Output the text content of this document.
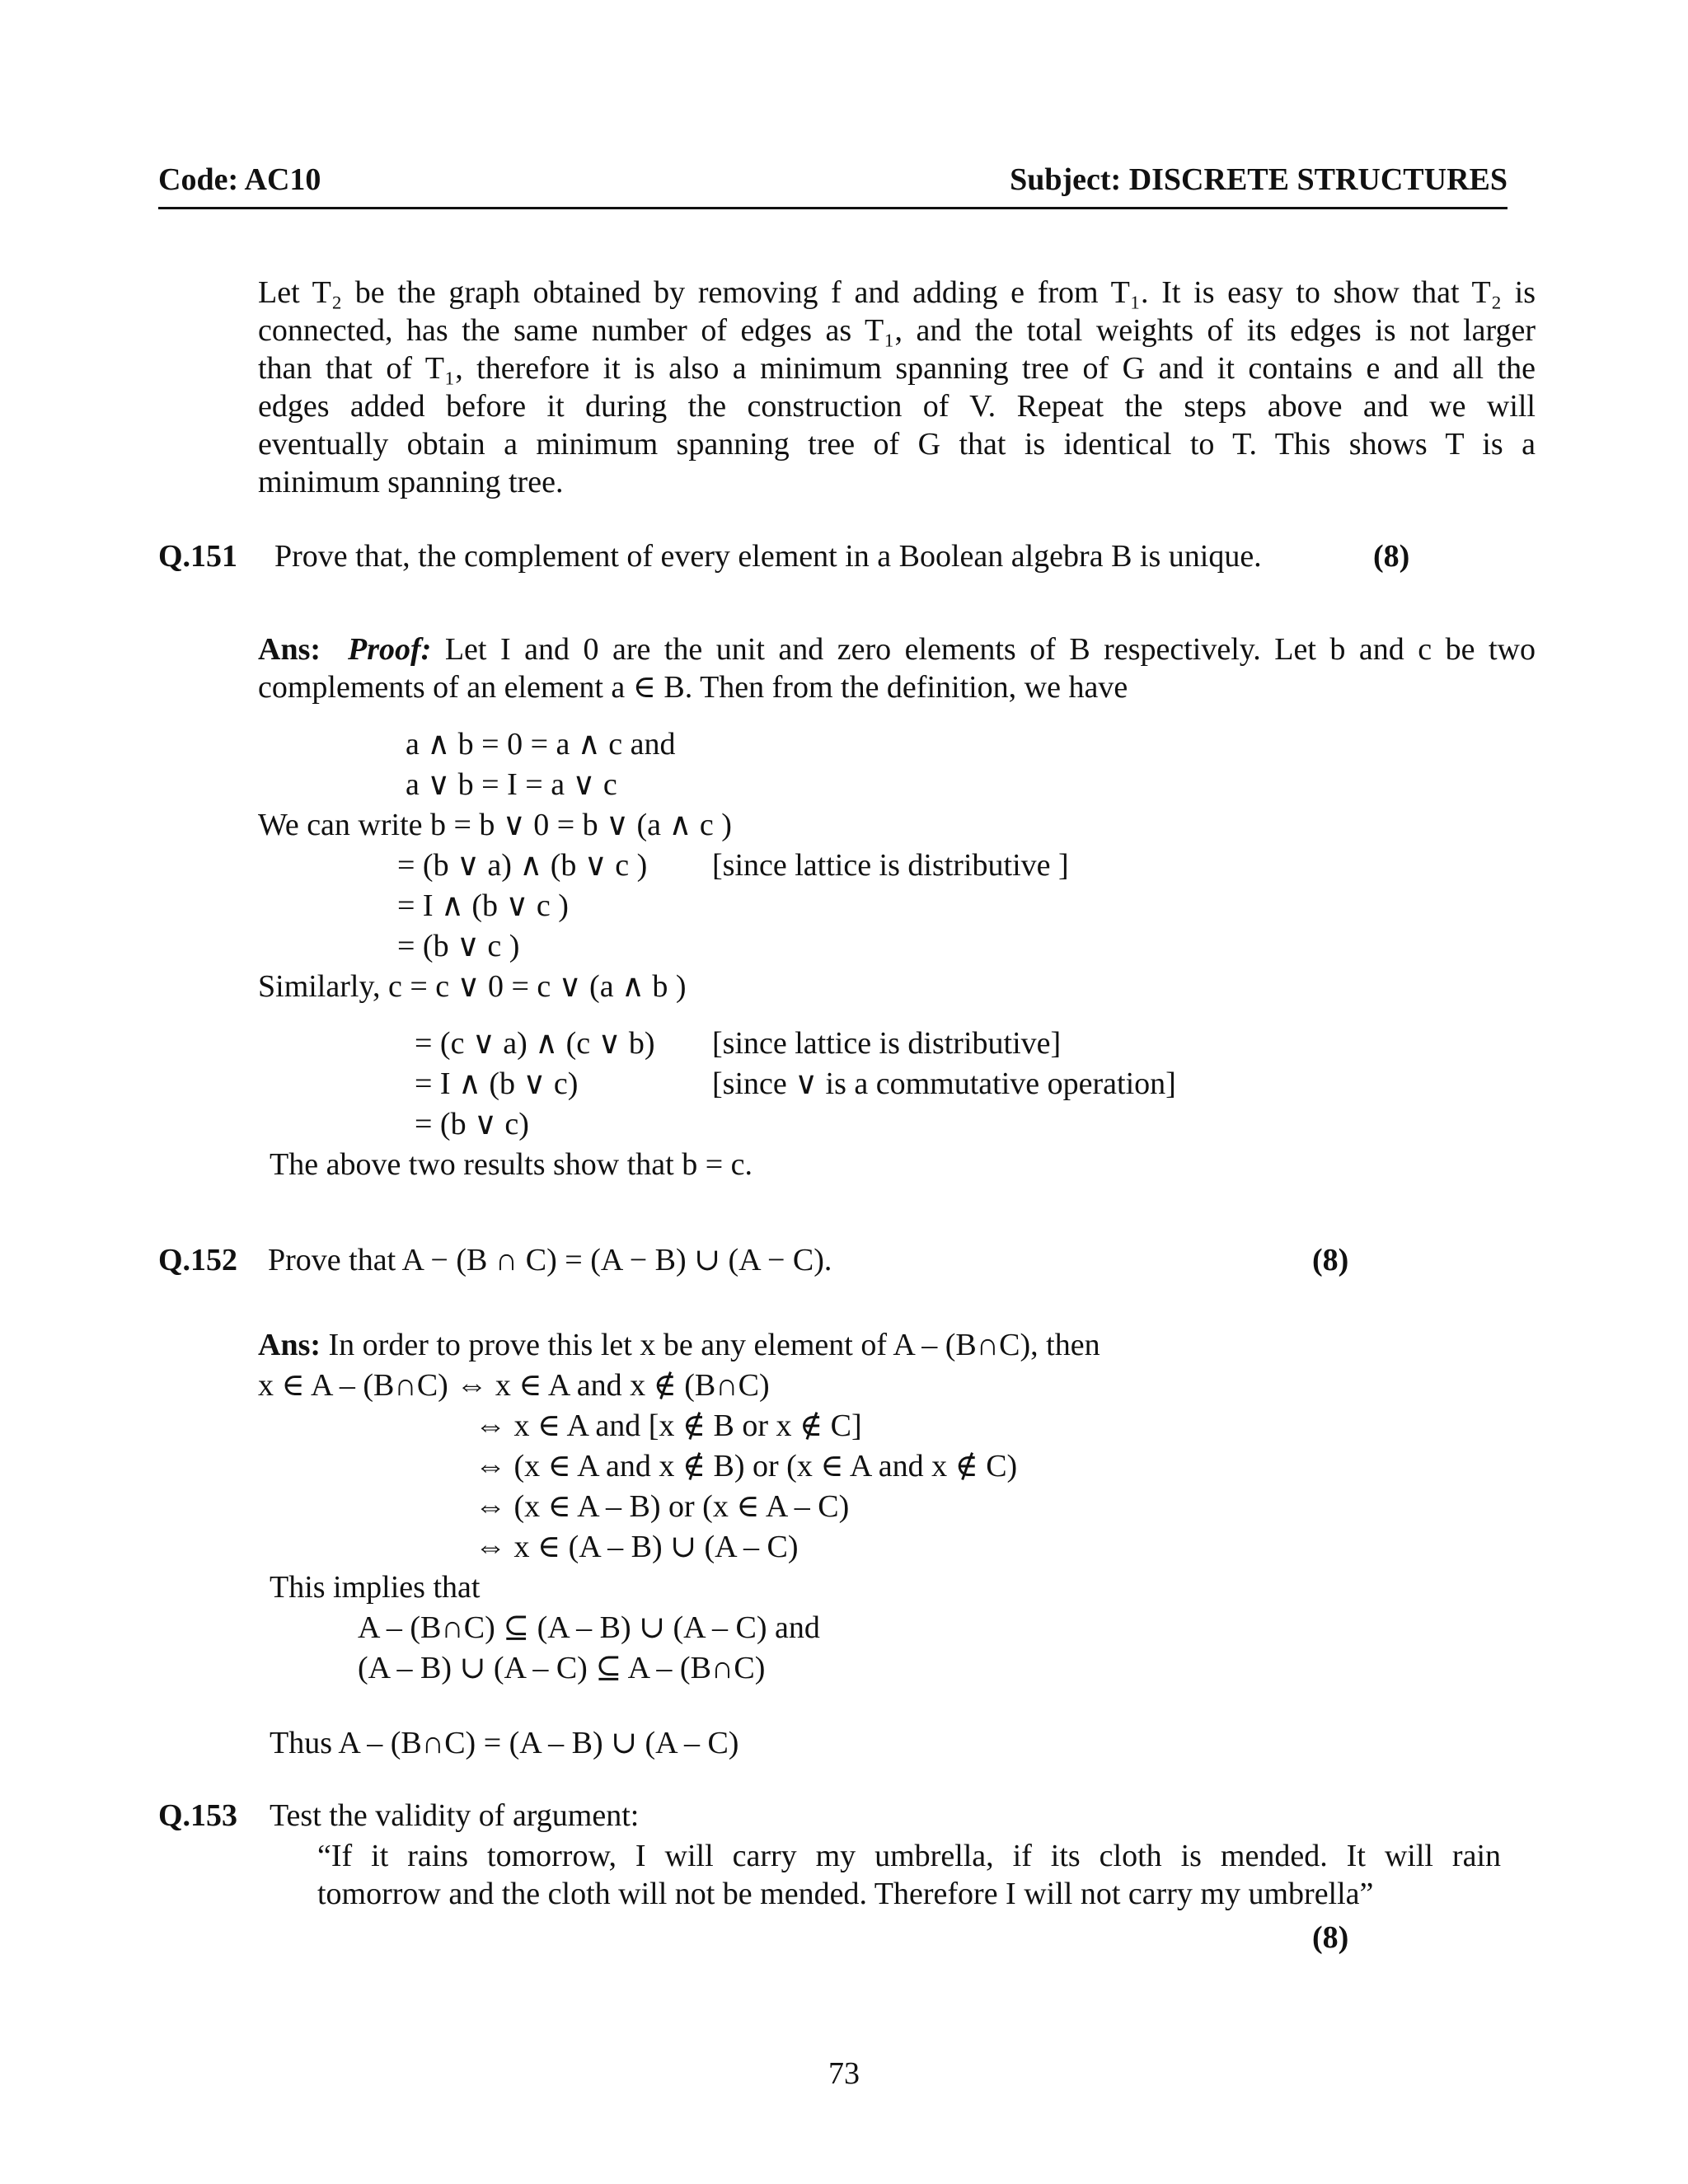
Code: AC10	Subject: DISCRETE STRUCTURES
Let T₂ be the graph obtained by removing f and adding e from T₁. It is easy to show that T₂ is
connected, has the same number of edges as T₁, and the total weights of its edges is not larger
than that of T₁, therefore it is also a minimum spanning tree of G and it contains e and all the
edges added before it during the construction of V. Repeat the steps above and we will
eventually obtain a minimum spanning tree of G that is identical to T. This shows T is a
minimum spanning tree.
Q.151 Prove that, the complement of every element in a Boolean algebra B is unique.	(8)
Ans: Proof: Let I and 0 are the unit and zero elements of B respectively. Let b and c be two
complements of an element a ∈ B. Then from the definition, we have
a ∧ b = 0 = a ∧ c and
a ∨ b = I = a ∨ c
We can write b = b ∨ 0 = b ∨ (a ∧ c )
= (b ∨ a) ∧ (b ∨ c ) [since lattice is distributive ]
= I ∧ (b ∨ c )
= (b ∨ c )
Similarly, c = c ∨ 0 = c ∨ (a ∧ b )
= (c ∨ a) ∧ (c ∨ b) [since lattice is distributive]
= I ∧ (b ∨ c)	[since ∨ is a commutative operation]
= (b ∨ c)
The above two results show that b = c.
Q.152 Prove that A − (B ∩ C) = (A − B) ∪ (A − C).	(8)
Ans: In order to prove this let x be any element of A – (B∩C), then
x ∈ A – (B∩C) ⇔ x ∈ A and x ∉ (B∩C)
⇔ x ∈ A and [x ∉ B or x ∉ C]
⇔ (x ∈ A and x ∉ B) or (x ∈ A and x ∉ C)
⇔ (x ∈ A – B) or (x ∈ A – C)
⇔ x ∈ (A – B) ∪ (A – C)
This implies that
A – (B∩C) ⊆ (A – B) ∪ (A – C) and
(A – B) ∪ (A – C) ⊆ A – (B∩C)
Thus A – (B∩C) = (A – B) ∪ (A – C)
Q.153 Test the validity of argument:
“If it rains tomorrow, I will carry my umbrella, if its cloth is mended. It will rain
tomorrow and the cloth will not be mended. Therefore I will not carry my umbrella”
(8)
73
